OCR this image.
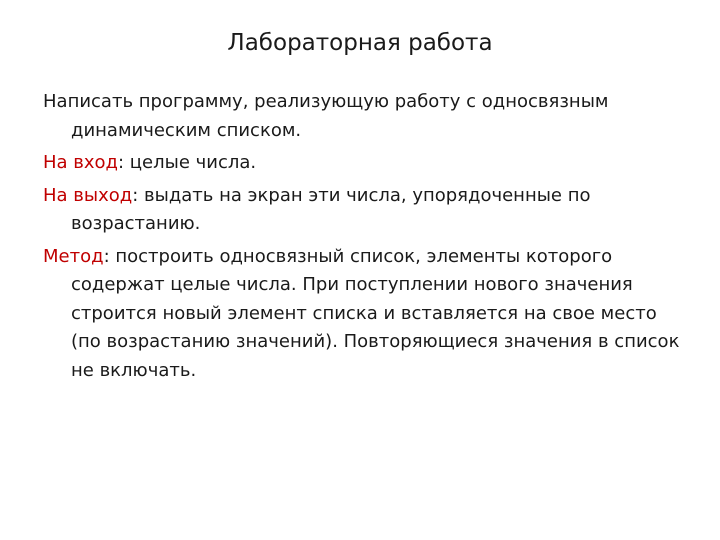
Лабораторная работа

Написать программу, реализующую работу с односвязным динамическим списком.

На вход: целые числа.

На выход: выдать на экран эти числа, упорядоченные по возрастанию.

Метод: построить односвязный список, элементы которого содержат целые числа. При поступлении нового значения строится новый элемент списка и вставляется на свое место (по возрастанию значений). Повторяющиеся значения в список не включать.
